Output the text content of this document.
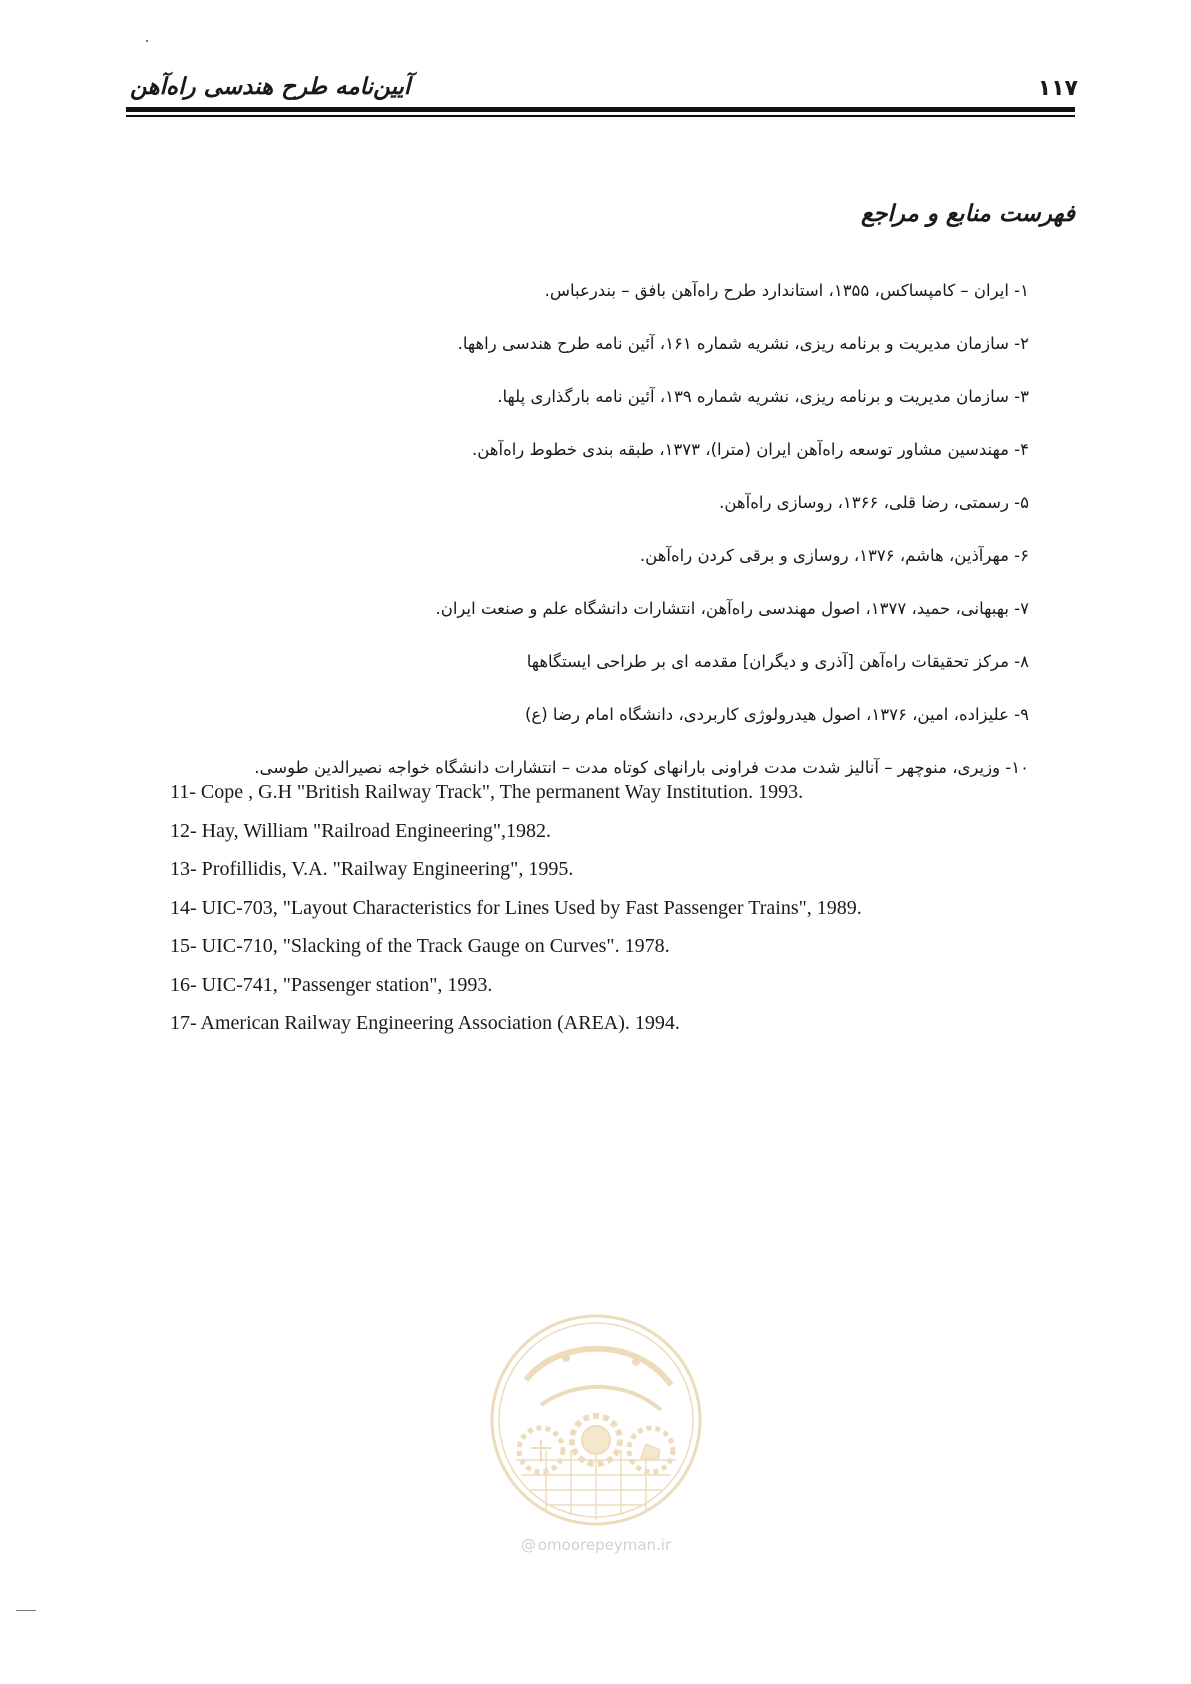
آیین‌نامه طرح هندسی راه‌آهن	۱۱۷
فهرست منابع و مراجع
۱- ایران – کامپساکس، ۱۳۵۵، استاندارد طرح راه‌آهن بافق – بندرعباس.
۲- سازمان مدیریت و برنامه ریزی، نشریه شماره ۱۶۱، آئین نامه طرح هندسی راهها.
۳- سازمان مدیریت و برنامه ریزی، نشریه شماره ۱۳۹، آئین نامه بارگذاری پلها.
۴- مهندسین مشاور توسعه راه‌آهن ایران (مترا)، ۱۳۷۳، طبقه بندی خطوط راه‌آهن.
۵- رسمتی، رضا قلی، ۱۳۶۶، روسازی راه‌آهن.
۶- مهرآذین، هاشم، ۱۳۷۶، روسازی و برقی کردن راه‌آهن.
۷- بهبهانی، حمید، ۱۳۷۷، اصول مهندسی راه‌آهن، انتشارات دانشگاه علم و صنعت ایران.
۸- مرکز تحقیقات راه‌آهن [آذری و دیگران] مقدمه ای بر طراحی ایستگاهها
۹- علیزاده، امین، ۱۳۷۶، اصول هیدرولوژی کاربردی، دانشگاه امام رضا (ع)
۱۰- وزیری، منوچهر – آنالیز شدت مدت فراونی بارانهای کوتاه مدت – انتشارات دانشگاه خواجه نصیرالدین طوسی.
11- Cope , G.H "British Railway Track", The permanent Way Institution. 1993.
12- Hay, William "Railroad Engineering",1982.
13- Profillidis, V.A. "Railway Engineering", 1995.
14- UIC-703, "Layout Characteristics for Lines Used by Fast Passenger Trains", 1989.
15- UIC-710, "Slacking of the Track Gauge on Curves". 1978.
16- UIC-741, "Passenger station", 1993.
17- American Railway Engineering Association (AREA). 1994.
@ omoorepeyman.ir
